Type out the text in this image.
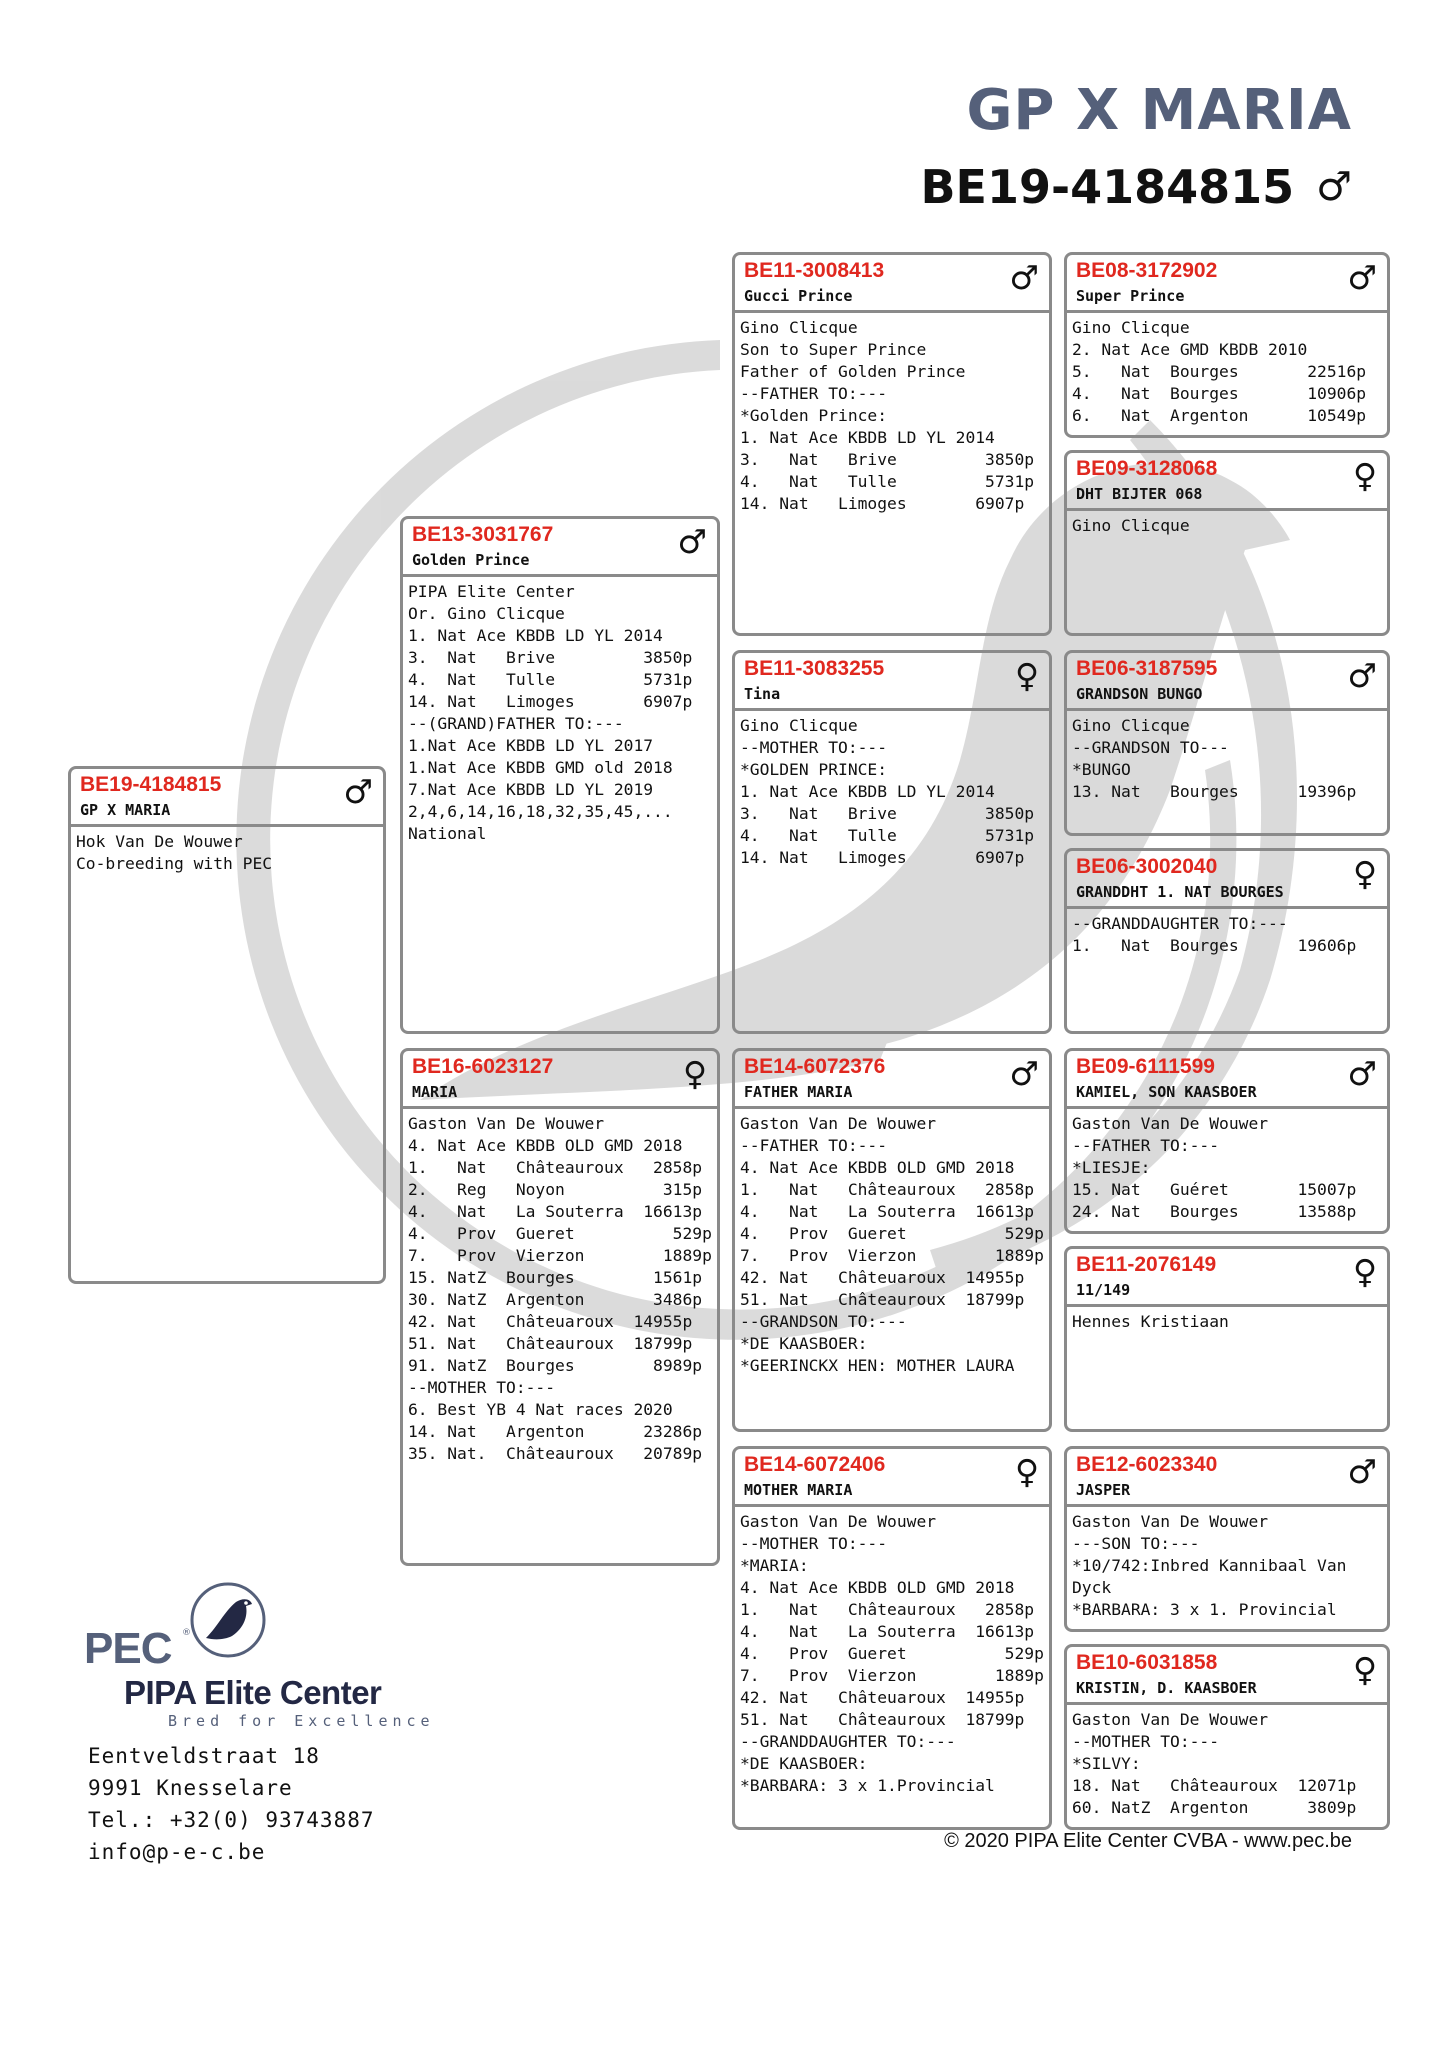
GP X MARIA
BE19-4184815 ♂
BE19-4184815
GP X MARIA	♂
Hok Van De Wouwer
Co-breeding with PEC
BE13-3031767
Golden Prince	♂
PIPA Elite Center
Or. Gino Clicque
1. Nat Ace KBDB LD YL 2014
3.  Nat   Brive         3850p
4.  Nat   Tulle         5731p
14. Nat   Limoges       6907p
--(GRAND)FATHER TO:---
1.Nat Ace KBDB LD YL 2017
1.Nat Ace KBDB GMD old 2018
7.Nat Ace KBDB LD YL 2019
2,4,6,14,16,18,32,35,45,...
National
BE16-6023127
MARIA	♀
Gaston Van De Wouwer
4. Nat Ace KBDB OLD GMD 2018
1.   Nat   Châteauroux   2858p
2.   Reg   Noyon          315p
4.   Nat   La Souterra  16613p
4.   Prov  Gueret          529p
7.   Prov  Vierzon        1889p
15. NatZ  Bourges        1561p
30. NatZ  Argenton       3486p
42. Nat   Châteuaroux  14955p
51. Nat   Châteauroux  18799p
91. NatZ  Bourges        8989p
--MOTHER TO:---
6. Best YB 4 Nat races 2020
14. Nat   Argenton      23286p
35. Nat.  Châteauroux   20789p
BE11-3008413
Gucci Prince	♂
Gino Clicque
Son to Super Prince
Father of Golden Prince
--FATHER TO:---
*Golden Prince:
1. Nat Ace KBDB LD YL 2014
3.   Nat   Brive         3850p
4.   Nat   Tulle         5731p
14. Nat   Limoges       6907p
BE11-3083255
Tina	♀
Gino Clicque
--MOTHER TO:---
*GOLDEN PRINCE:
1. Nat Ace KBDB LD YL 2014
3.   Nat   Brive         3850p
4.   Nat   Tulle         5731p
14. Nat   Limoges       6907p
BE14-6072376
FATHER MARIA	♂
Gaston Van De Wouwer
--FATHER TO:---
4. Nat Ace KBDB OLD GMD 2018
1.   Nat   Châteauroux   2858p
4.   Nat   La Souterra  16613p
4.   Prov  Gueret          529p
7.   Prov  Vierzon        1889p
42. Nat   Châteuaroux  14955p
51. Nat   Châteauroux  18799p
--GRANDSON TO:---
*DE KAASBOER:
*GEERINCKX HEN: MOTHER LAURA
BE14-6072406
MOTHER MARIA	♀
Gaston Van De Wouwer
--MOTHER TO:---
*MARIA:
4. Nat Ace KBDB OLD GMD 2018
1.   Nat   Châteauroux   2858p
4.   Nat   La Souterra  16613p
4.   Prov  Gueret          529p
7.   Prov  Vierzon        1889p
42. Nat   Châteuaroux  14955p
51. Nat   Châteauroux  18799p
--GRANDDAUGHTER TO:---
*DE KAASBOER:
*BARBARA: 3 x 1.Provincial
BE08-3172902
Super Prince	♂
Gino Clicque
2. Nat Ace GMD KBDB 2010
5.   Nat  Bourges       22516p
4.   Nat  Bourges       10906p
6.   Nat  Argenton      10549p
BE09-3128068
DHT BIJTER 068	♀
Gino Clicque
BE06-3187595
GRANDSON BUNGO	♂
Gino Clicque
--GRANDSON TO---
*BUNGO
13. Nat   Bourges      19396p
BE06-3002040
GRANDDHT 1. NAT BOURGES ♀
--GRANDDAUGHTER TO:---
1.   Nat  Bourges      19606p
BE09-6111599
KAMIEL, SON KAASBOER	♂
Gaston Van De Wouwer
--FATHER TO:---
*LIESJE:
15. Nat   Guéret       15007p
24. Nat   Bourges      13588p
BE11-2076149
11/149	♀
Hennes Kristiaan
BE12-6023340
JASPER	♂
Gaston Van De Wouwer
---SON TO:---
*10/742:Inbred Kannibaal Van
Dyck
*BARBARA: 3 x 1. Provincial
BE10-6031858
KRISTIN, D. KAASBOER	♀
Gaston Van De Wouwer
--MOTHER TO:---
*SILVY:
18. Nat   Châteauroux  12071p
60. NatZ  Argenton      3809p
PEC ®
PIPA Elite Center
Bred for Excellence
Eentveldstraat 18
9991 Knesselare
Tel.: +32(0) 93743887
info@p-e-c.be	© 2020 PIPA Elite Center CVBA - www.pec.be
